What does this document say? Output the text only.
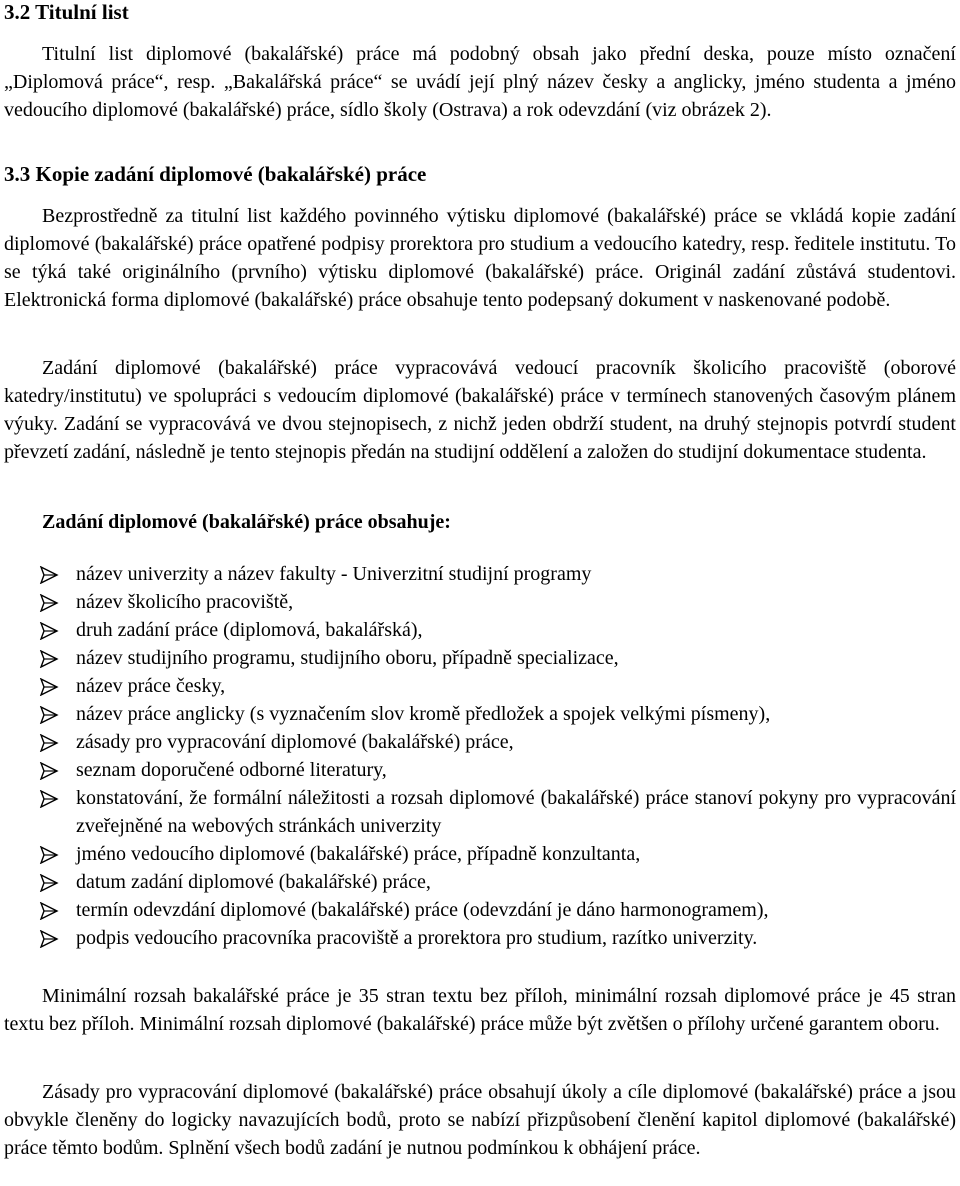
3.2 Titulní list

Titulní list diplomové (bakalářské) práce má podobný obsah jako přední deska, pouze místo označení „Diplomová práce“, resp. „Bakalářská práce“ se uvádí její plný název česky a anglicky, jméno studenta a jméno vedoucího diplomové (bakalářské) práce, sídlo školy (Ostrava) a rok odevzdání (viz obrázek 2).

3.3 Kopie zadání diplomové (bakalářské) práce

Bezprostředně za titulní list každého povinného výtisku diplomové (bakalářské) práce se vkládá kopie zadání diplomové (bakalářské) práce opatřené podpisy prorektora pro studium a vedoucího katedry, resp. ředitele institutu. To se týká také originálního (prvního) výtisku diplomové (bakalářské) práce. Originál zadání zůstává studentovi. Elektronická forma diplomové (bakalářské) práce obsahuje tento podepsaný dokument v naskenované podobě.

Zadání diplomové (bakalářské) práce vypracovává vedoucí pracovník školicího pracoviště (oborové katedry/institutu) ve spolupráci s vedoucím diplomové (bakalářské) práce v termínech stanovených časovým plánem výuky. Zadání se vypracovává ve dvou stejnopisech, z nichž jeden obdrží student, na druhý stejnopis potvrdí student převzetí zadání, následně je tento stejnopis předán na studijní oddělení a založen do studijní dokumentace studenta.

Zadání diplomové (bakalářské) práce obsahuje:

název univerzity a název fakulty - Univerzitní studijní programy
název školicího pracoviště,
druh zadání práce (diplomová, bakalářská),
název studijního programu, studijního oboru, případně specializace,
název práce česky,
název práce anglicky (s vyznačením slov kromě předložek a spojek velkými písmeny),
zásady pro vypracování diplomové (bakalářské) práce,
seznam doporučené odborné literatury,
konstatování, že formální náležitosti a rozsah diplomové (bakalářské) práce stanoví pokyny pro vypracování zveřejněné na webových stránkách univerzity
jméno vedoucího diplomové (bakalářské) práce, případně konzultanta,
datum zadání diplomové (bakalářské) práce,
termín odevzdání diplomové (bakalářské) práce (odevzdání je dáno harmonogramem),
podpis vedoucího pracovníka pracoviště a prorektora pro studium, razítko univerzity.

Minimální rozsah bakalářské práce je 35 stran textu bez příloh, minimální rozsah diplomové práce je 45 stran textu bez příloh. Minimální rozsah diplomové (bakalářské) práce může být zvětšen o přílohy určené garantem oboru.

Zásady pro vypracování diplomové (bakalářské) práce obsahují úkoly a cíle diplomové (bakalářské) práce a jsou obvykle členěny do logicky navazujících bodů, proto se nabízí přizpůsobení členění kapitol diplomové (bakalářské) práce těmto bodům. Splnění všech bodů zadání je nutnou podmínkou k obhájení práce.
